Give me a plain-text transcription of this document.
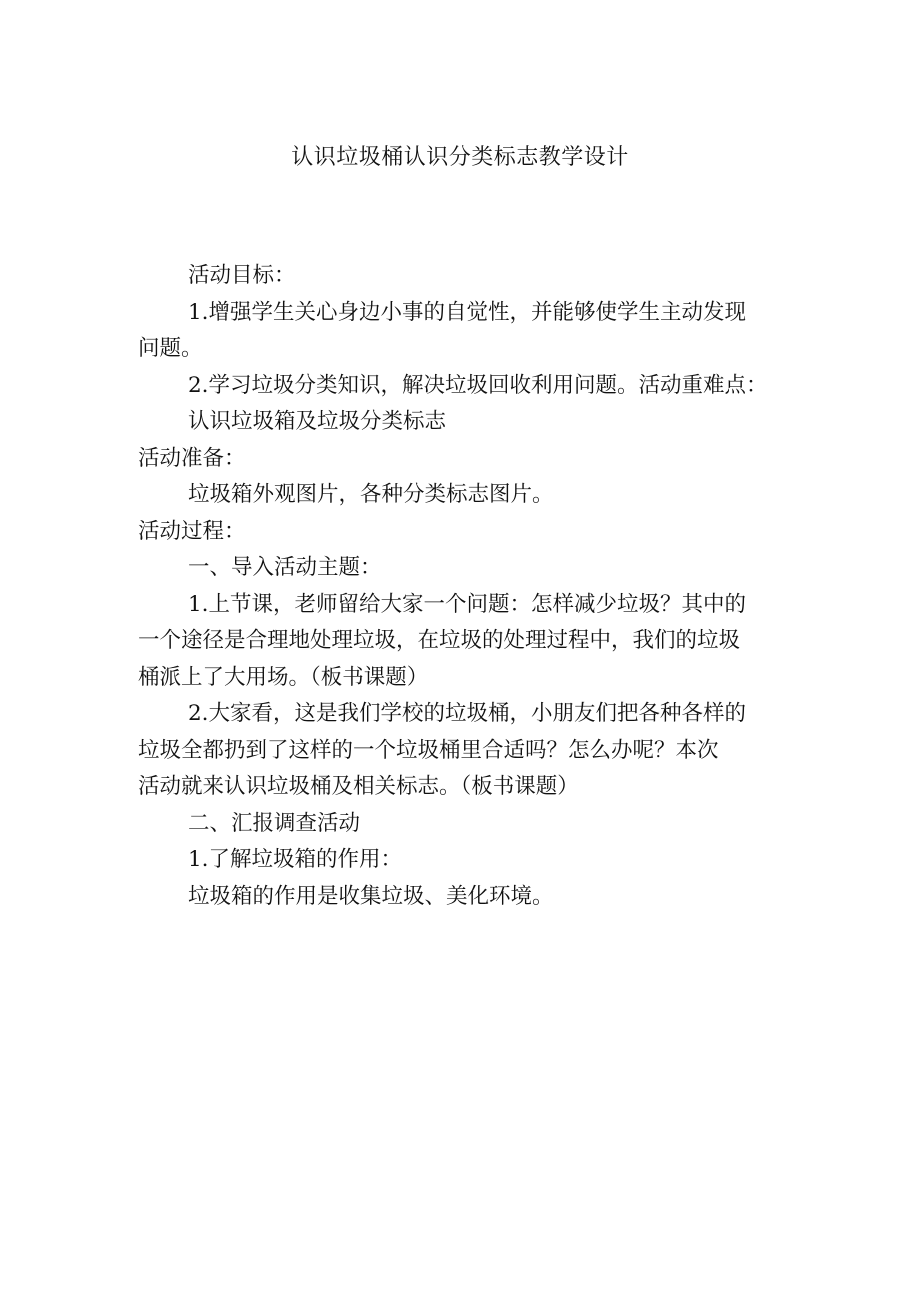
认识垃圾桶认识分类标志教学设计
活动目标：
1.增强学生关心身边小事的自觉性，并能够使学生主动发现
问题。
2.学习垃圾分类知识，解决垃圾回收利用问题。活动重难点：
认识垃圾箱及垃圾分类标志
活动准备：
垃圾箱外观图片，各种分类标志图片。
活动过程：
一、导入活动主题：
1.上节课，老师留给大家一个问题：怎样减少垃圾？其中的
一个途径是合理地处理垃圾，在垃圾的处理过程中，我们的垃圾
桶派上了大用场。（板书课题）
2.大家看，这是我们学校的垃圾桶，小朋友们把各种各样的
垃圾全都扔到了这样的一个垃圾桶里合适吗？怎么办呢？本次
活动就来认识垃圾桶及相关标志。（板书课题）
二、汇报调查活动
1.了解垃圾箱的作用：
垃圾箱的作用是收集垃圾、美化环境。
